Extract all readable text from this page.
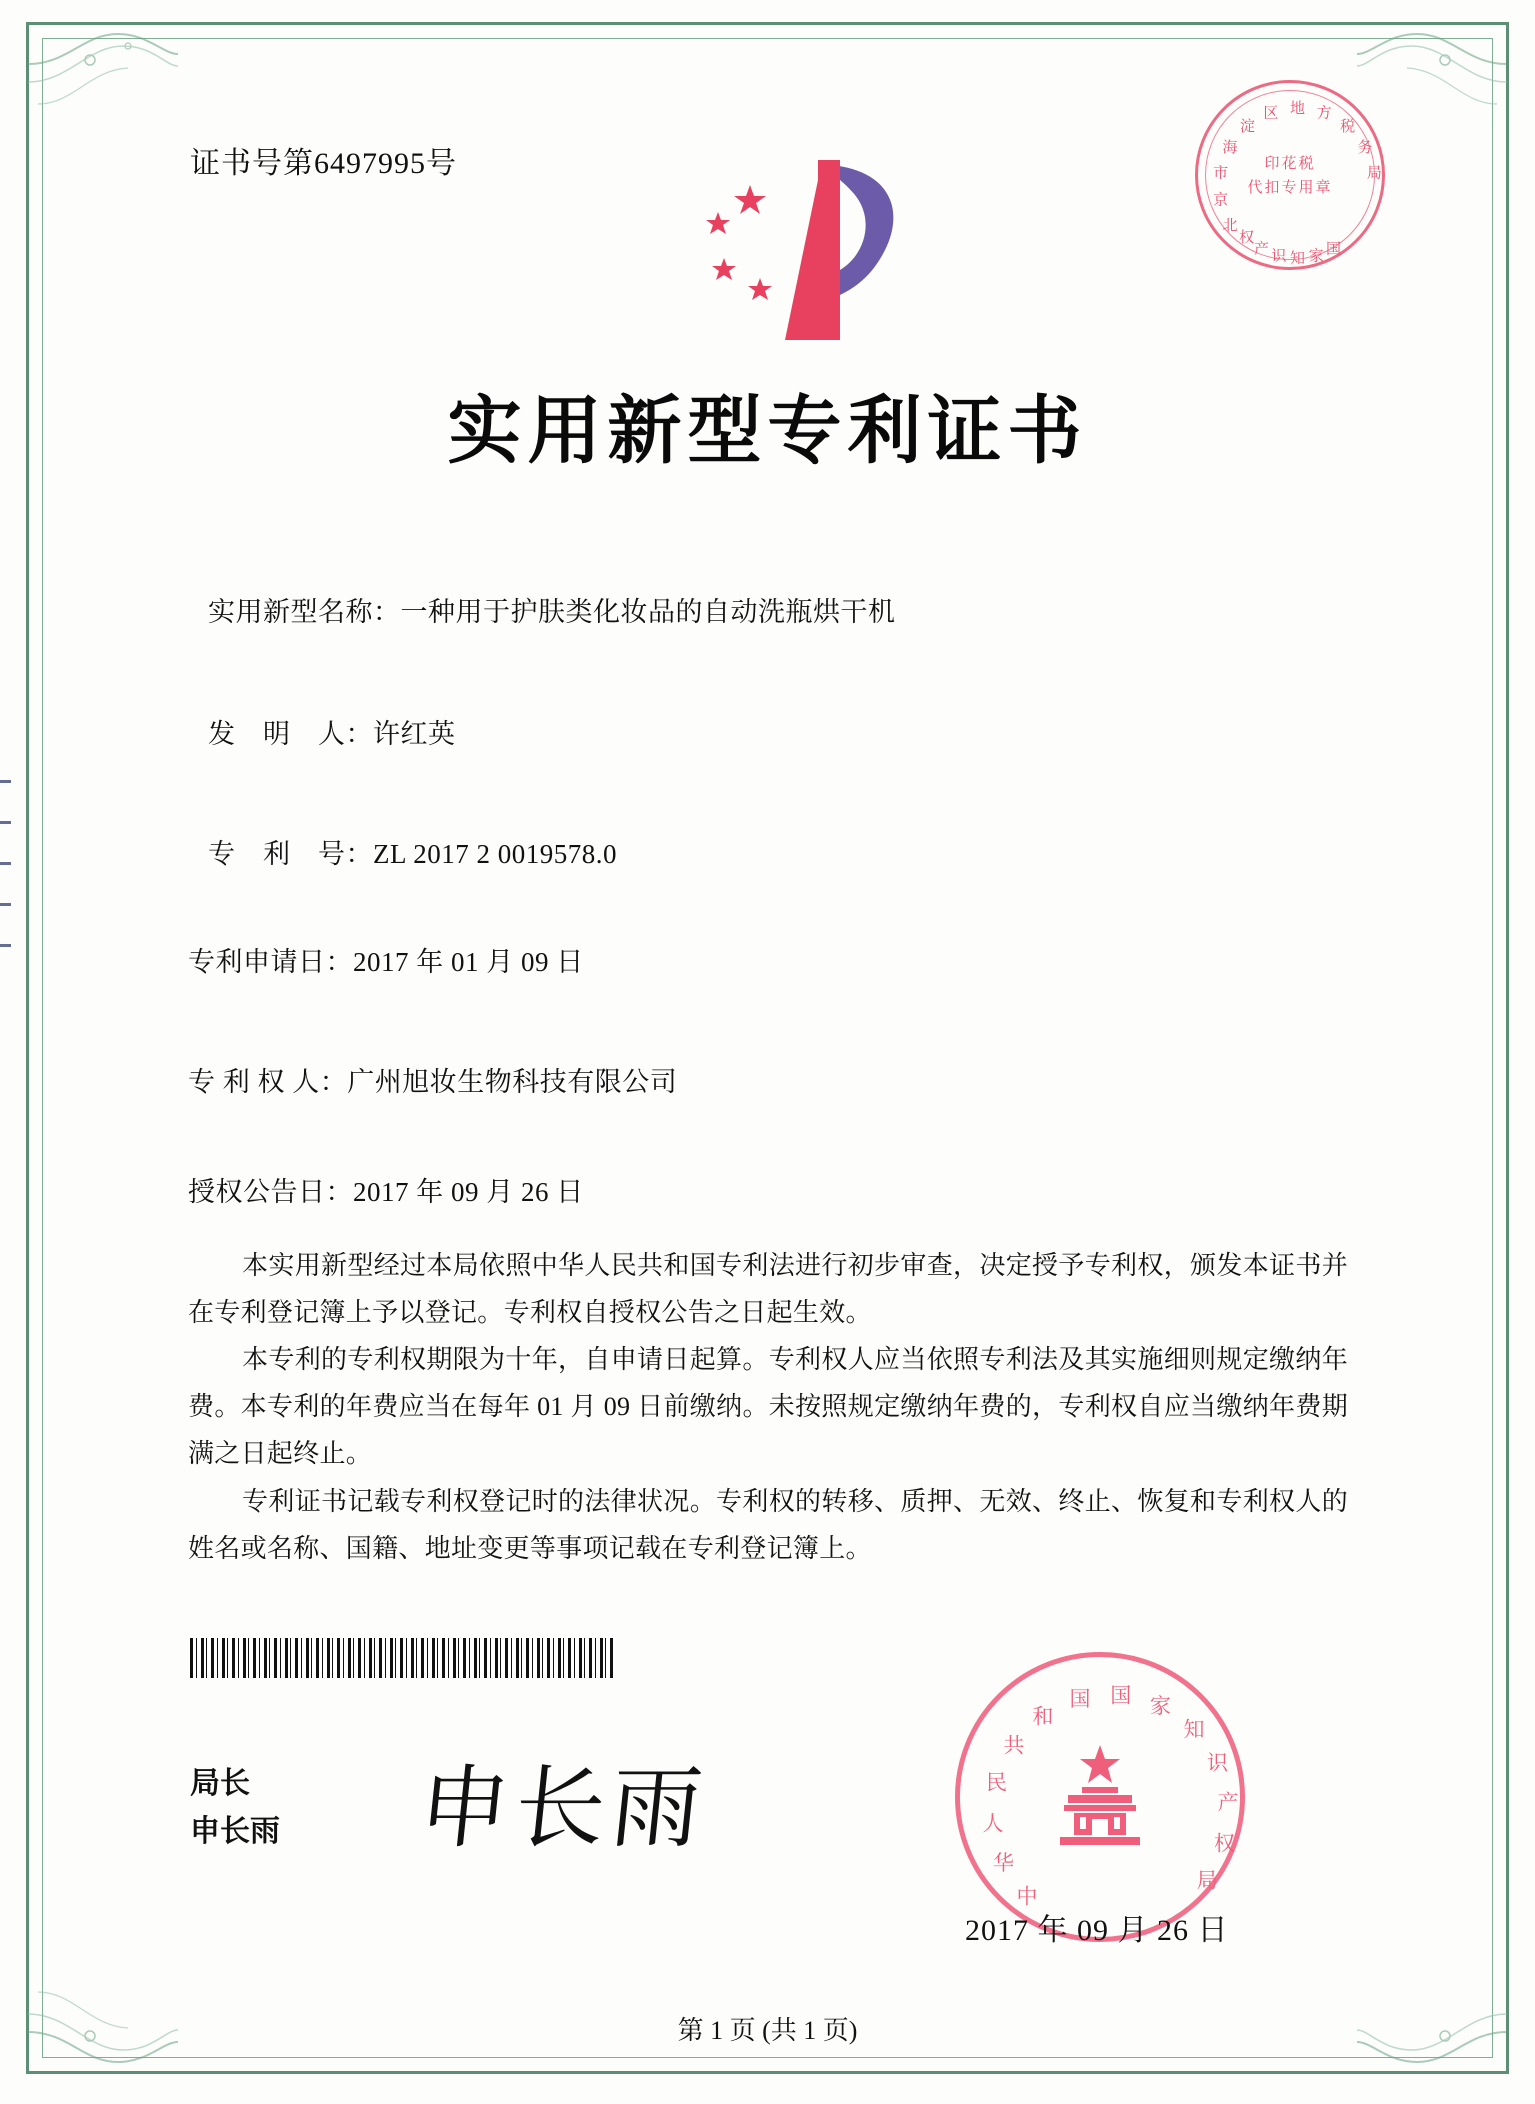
证书号第6497995号
北
京
市
海
淀
区 地 方
税
务
局
国
家
知
识
产
权
印花税
代扣专用章
实用新型专利证书
实用新型名称：一种用于护肤类化妆品的自动洗瓶烘干机
发　明　人：许红英
专　利　号：ZL 2017 2 0019578.0
专利申请日：2017 年 01 月 09 日
专 利 权 人：广州旭妆生物科技有限公司
授权公告日：2017 年 09 月 26 日
本实用新型经过本局依照中华人民共和国专利法进行初步审查，决定授予专利权，颁发本证书并在专利登记簿上予以登记。专利权自授权公告之日起生效。
本专利的专利权期限为十年，自申请日起算。专利权人应当依照专利法及其实施细则规定缴纳年费。本专利的年费应当在每年 01 月 09 日前缴纳。未按照规定缴纳年费的，专利权自应当缴纳年费期满之日起终止。
专利证书记载专利权登记时的法律状况。专利权的转移、质押、无效、终止、恢复和专利权人的姓名或名称、国籍、地址变更等事项记载在专利登记簿上。
局长
申长雨 申长雨
中
华
人
民
共
和
国 国 家
知
识
产
权
局
2017 年 09 月 26 日
第 1 页 (共 1 页)
